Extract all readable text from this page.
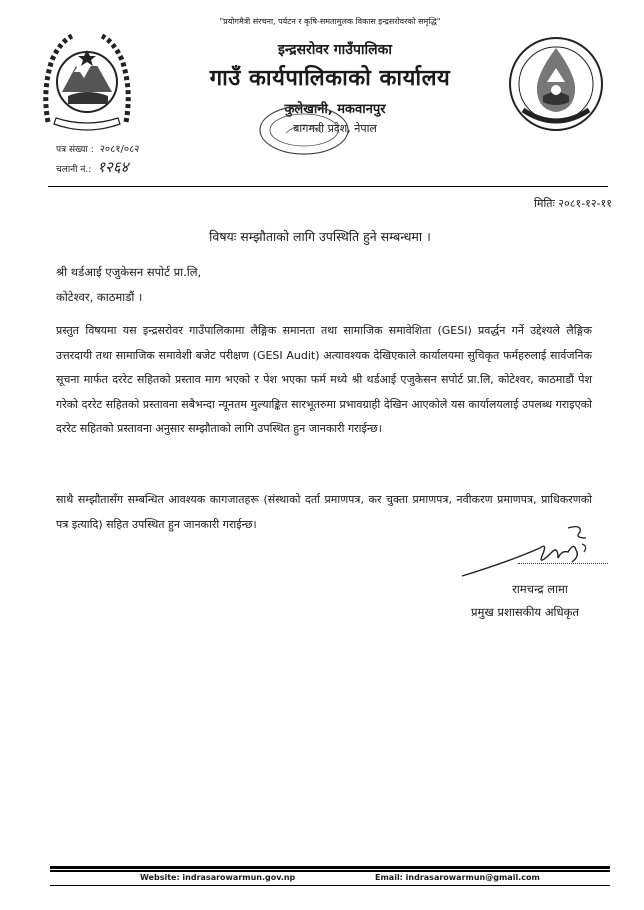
"प्रयोगमैत्री संरचना, पर्यटन र कृषि-समतामुलक विकास इन्द्रसरोवरको समृद्धि"
इन्द्रसरोवर गाउँपालिका
गाउँ कार्यपालिकाको कार्यालय
कुलेखानी, मकवानपुर
बागमती प्रदेश, नेपाल
पत्र संख्या : २०८१/०८२
चलानी नं.: १२६४
मितिः २०८१-१२-११
विषयः सम्झौताको लागि उपस्थिति हुने सम्बन्धमा ।
श्री थर्डआई एजुकेसन सपोर्ट प्रा.लि,
कोटेश्वर, काठमाडौं ।
प्रस्तुत विषयमा यस इन्द्रसरोवर गाउँपालिकामा लैङ्गिक समानता तथा सामाजिक समावेशिता (GESI) प्रवर्द्धन गर्ने उद्देश्यले लैङ्गिक उत्तरदायी तथा सामाजिक समावेशी बजेट परीक्षण (GESI Audit) अत्यावश्यक देखिएकाले कार्यालयमा सुचिकृत फर्महरुलाई सार्वजनिक सूचना मार्फत दररेट सहितको प्रस्ताव माग भएको र पेश भएका फर्म मध्ये श्री थर्डआई एजुकेसन सपोर्ट प्रा.लि, कोटेश्वर, काठमाडौं पेश गरेको दररेट सहितको प्रस्तावना सबैभन्दा न्यूनतम मुल्याङ्कित सारभूतरुमा प्रभावग्राही देखिन आएकोले यस कार्यालयलाई उपलब्ध गराइएको दररेट सहितको प्रस्तावना अनुसार सम्झौताको लागि उपस्थित हुन जानकारी गराईन्छ।
साथै सम्झौतासँग सम्बन्धित आवश्यक कागजातहरू (संस्थाको दर्ता प्रमाणपत्र, कर चुक्ता प्रमाणपत्र, नवीकरण प्रमाणपत्र, प्राधिकरणको पत्र इत्यादि) सहित उपस्थित हुन जानकारी गराईन्छ।
रामचन्द्र लामा
प्रमुख प्रशासकीय अधिकृत
Website: indrasarowarmun.gov.np	Email: indrasarowarmun@gmail.com
